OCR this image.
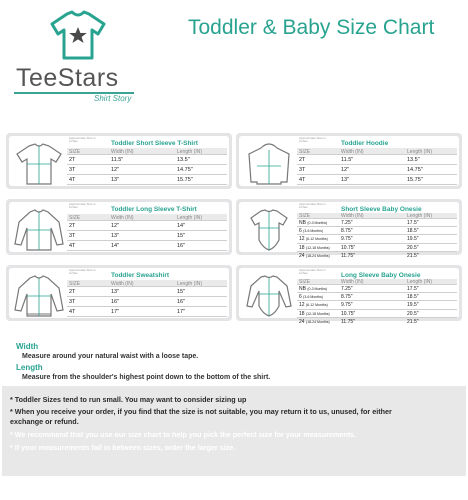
TeeStars
Shirt Story
Toddler & Baby Size Chart
Approximate Size in inches	Toddler Short Sleeve T-Shirt
SIZE	Width (IN)	Length (IN)
2T	11.5"	13.5"
3T	12"	14.75"
4T	13"	15.75"
Approximate Size in inches	Toddler Hoodie
SIZE	Width (IN)	Length (IN)
2T	11.5"	13.5"
3T	12"	14.75"
4T	13"	15.75"
Approximate Size in inches	Toddler Long Sleeve T-Shirt
SIZE	Width (IN)	Length (IN)
2T	12"	14"
3T	13"	15"
4T	14"	16"
Approximate Size in inches	Short Sleeve Baby Onesie
SIZE	Width (IN)	Length (IN)
NB (0-3 Months)	7.25"	17.5"
6 (3-6 Months)	8.75"	18.5"
12 (6-12 Months)	9.75"	19.5"
18 (12-18 Months) 10.75"	20.5"
24 (18-24 Months) 11.75"	21.5"
Approximate Size in inches	Toddler Sweatshirt
SIZE	Width (IN)	Length (IN)
2T	13"	15"
3T	16"	16"
4T	17"	17"
Approximate Size in inches	Long Sleeve Baby Onesie
SIZE	Width (IN)	Length (IN)
NB (0-3 Months)	7.25"	17.5"
6 (3-6 Months)	8.75"	18.5"
12 (6-12 Months)	9.75"	19.5"
18 (12-18 Months) 10.75"	20.5"
24 (18-24 Months) 11.75"	21.5"
Width
Measure around your natural waist with a loose tape.
Length
Measure from the shoulder's highest point down to the bottom of the shirt.
* Toddler Sizes tend to run small. You may want to consider sizing up
* When you receive your order, if you find that the size is not suitable, you may return it to us, unused, for either
exchange or refund.
* We recommend that you use our size chart to help you pick the perfect size for your measurements.
* If your measurements fall in between sizes, order the larger size.
